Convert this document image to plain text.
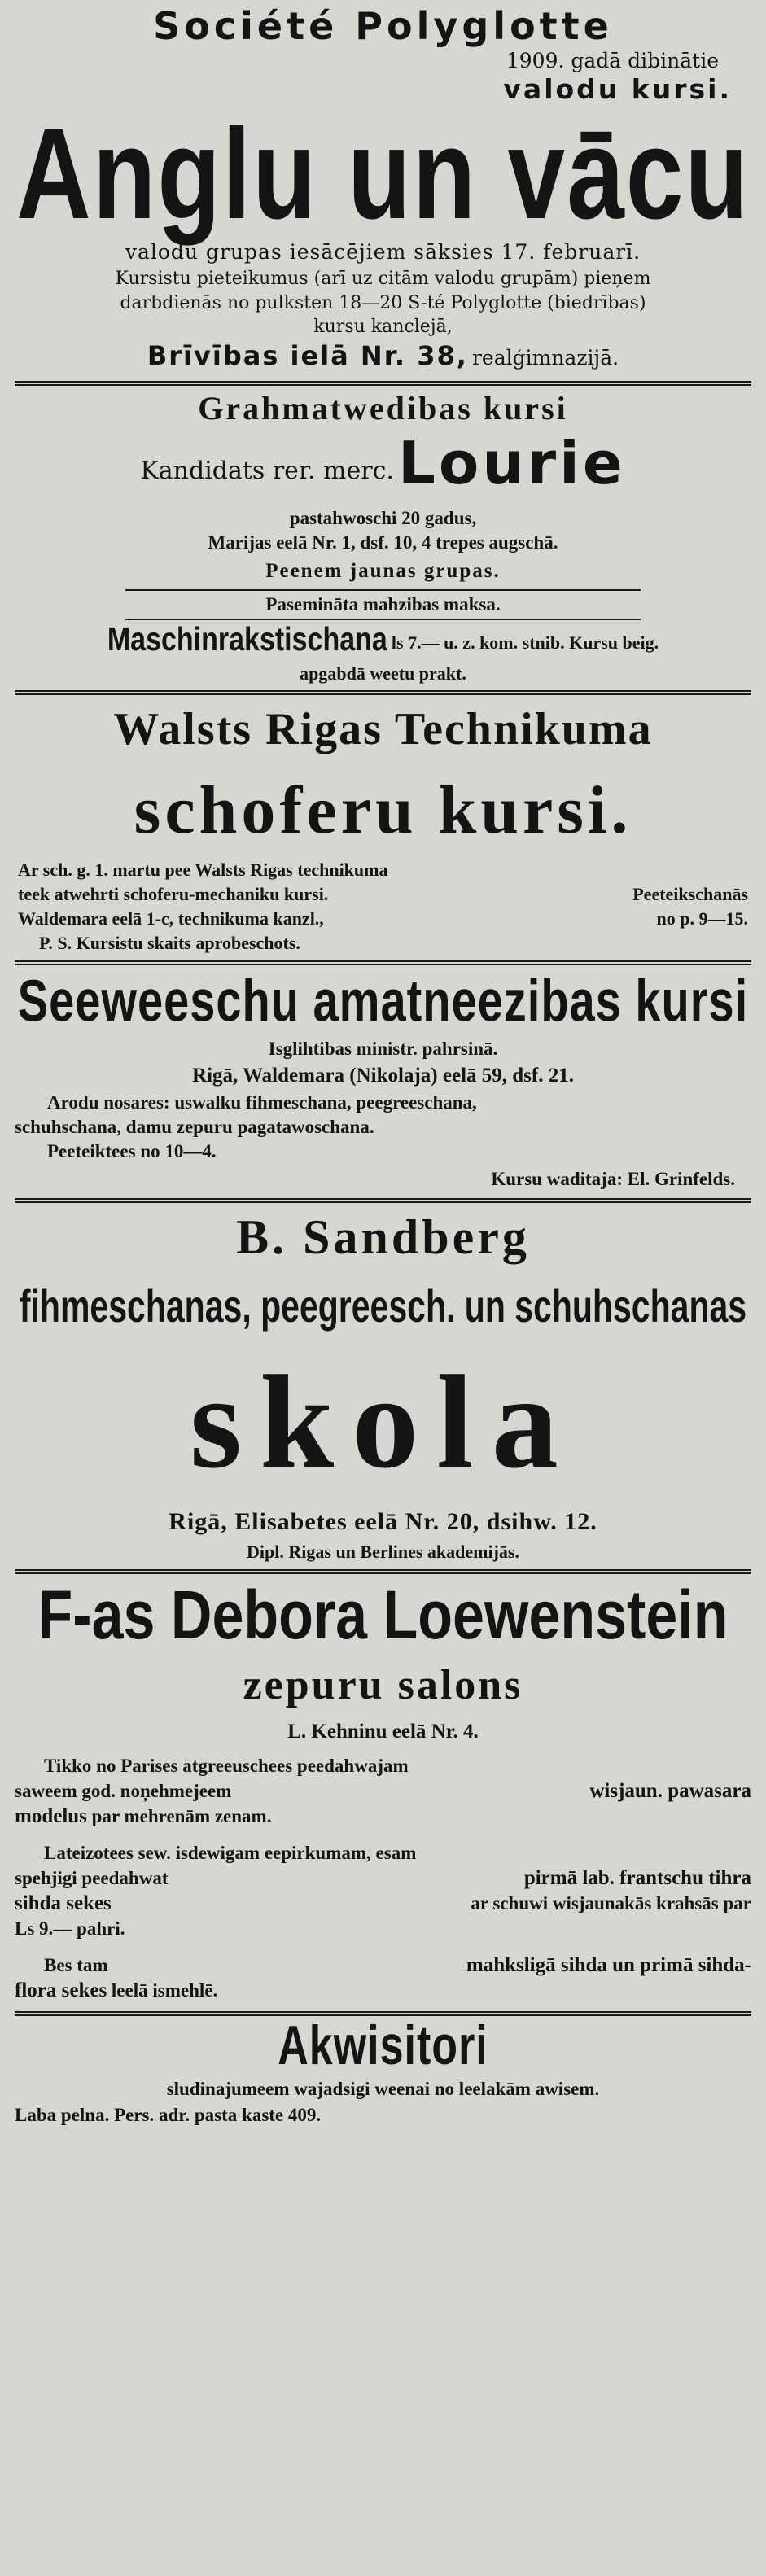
Société Polyglotte
1909. gadā dibinātie
valodu kursi.
Anglu un vācu
valodu grupas iesācējiem sāksies 17. februarī.
Kursistu pieteikumus (arī uz citām valodu grupām) pieņem
darbdienās no pulksten 18—20 S-té Polyglotte (biedrības)
kursu kanclejā,
Brīvības ielā Nr. 38, realģimnazijā.
Grahmatwedibas kursi
Kandidats rer. merc. Lourie
pastahwoschi 20 gadus,
Marijas eelā Nr. 1, dsf. 10, 4 trepes augschā.
Peenem jaunas grupas.
Pasemināta mahzibas maksa.
Maschinrakstischana ls 7.— u. z. kom. stnib. Kursu beig.
apgabdā weetu prakt.
Walsts Rigas Technikuma
schoferu kursi.

Ar sch. g. 1. martu pee Walsts Rigas technikuma

teek atwehrti schoferu-mechaniku kursi.	Peeteikschanās
Waldemara eelā 1-c, technikuma kanzl.,	no p. 9—15.

P. S. Kursistu skaits aprobeschots.

Seeweeschu amatneezibas kursi
Isglihtibas ministr. pahrsinā.
Rigā, Waldemara (Nikolaja) eelā 59, dsf. 21.

Arodu nosares: uswalku fihmeschana, peegreeschana,

schuhschana, damu zepuru pagatawoschana.

Peeteiktees no 10—4.

Kursu waditaja: El. Grinfelds.
B. Sandberg
fihmeschanas, peegreesch. un schuhschanas
skola
Rigā, Elisabetes eelā Nr. 20, dsihw. 12.
Dipl. Rigas un Berlines akademijās.
F-as Debora Loewenstein
zepuru salons
L. Kehninu eelā Nr. 4.
Tikko no Parises atgreeuschees peedahwajam
saweem god. noņehmejeem	wisjaun. pawasara
modelus par mehrenām zenam.
Lateizotees sew. isdewigam eepirkumam, esam
spehjigi peedahwat	pirmā lab. frantschu tihra
sihda sekes	ar schuwi wisjaunakās krahsās par
Ls 9.— pahri.
Bes tam	mahksligā sihda un primā sihda-
flora sekes leelā ismehlē.
Akwisitori
sludinajumeem wajadsigi weenai no leelakām awisem.
Laba pelna. Pers. adr. pasta kaste 409.
